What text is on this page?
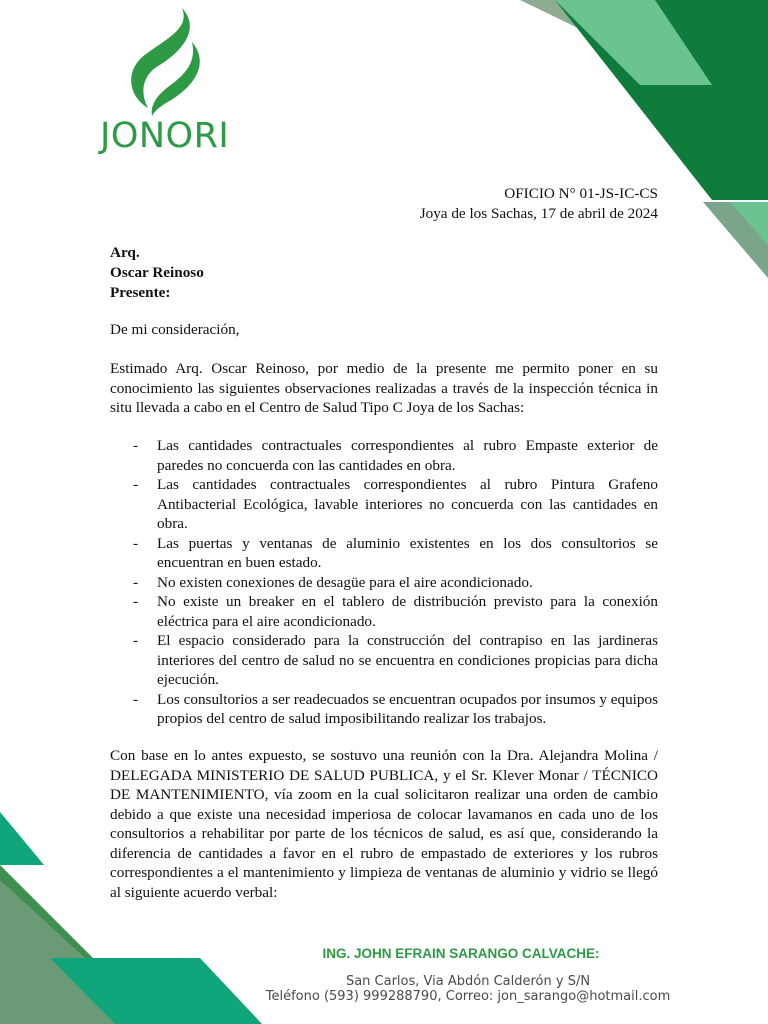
JONORI
OFICIO N° 01-JS-IC-CS
Joya de los Sachas, 17 de abril de 2024
Arq.
Oscar Reinoso
Presente:
De mi consideración,
Estimado Arq. Oscar Reinoso, por medio de la presente me permito poner en su conocimiento las siguientes observaciones realizadas a través de la inspección técnica in situ llevada a cabo en el Centro de Salud Tipo C Joya de los Sachas:
- Las cantidades contractuales correspondientes al rubro Empaste exterior de paredes no concuerda con las cantidades en obra.
- Las cantidades contractuales correspondientes al rubro Pintura Grafeno Antibacterial Ecológica, lavable interiores no concuerda con las cantidades en obra.
- Las puertas y ventanas de aluminio existentes en los dos consultorios se encuentran en buen estado.
- No existen conexiones de desagüe para el aire acondicionado.
- No existe un breaker en el tablero de distribución previsto para la conexión eléctrica para el aire acondicionado.
- El espacio considerado para la construcción del contrapiso en las jardineras interiores del centro de salud no se encuentra en condiciones propicias para dicha ejecución.
- Los consultorios a ser readecuados se encuentran ocupados por insumos y equipos propios del centro de salud imposibilitando realizar los trabajos.
Con base en lo antes expuesto, se sostuvo una reunión con la Dra. Alejandra Molina / DELEGADA MINISTERIO DE SALUD PUBLICA, y el Sr. Klever Monar / TÉCNICO DE MANTENIMIENTO, vía zoom en la cual solicitaron realizar una orden de cambio debido a que existe una necesidad imperiosa de colocar lavamanos en cada uno de los consultorios a rehabilitar por parte de los técnicos de salud, es así que, considerando la diferencia de cantidades a favor en el rubro de empastado de exteriores y los rubros correspondientes a el mantenimiento y limpieza de ventanas de aluminio y vidrio se llegó al siguiente acuerdo verbal:
ING. JOHN EFRAIN SARANGO CALVACHE:
San Carlos, Via Abdón Calderón y S/N
Teléfono (593) 999288790, Correo: jon_sarango@hotmail.com
